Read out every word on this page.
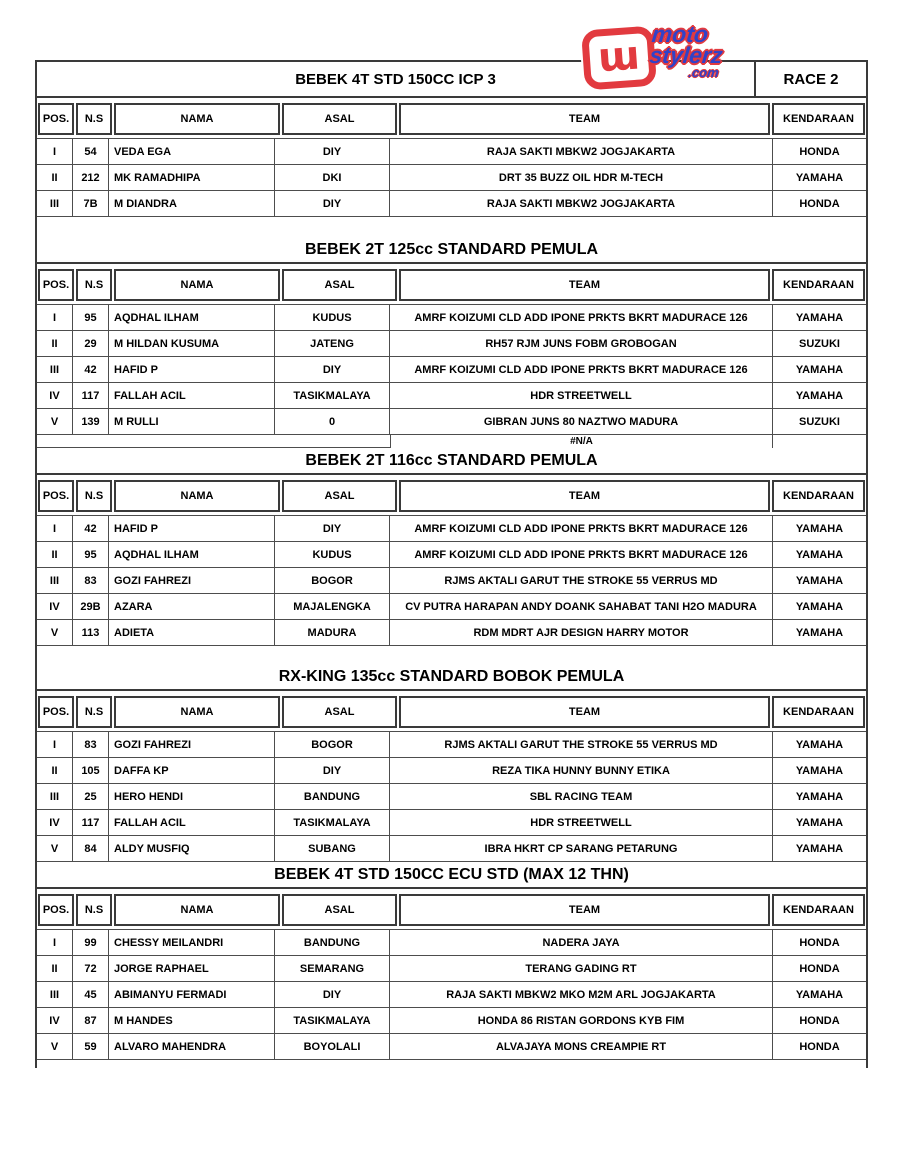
m
moto
stylerz
.com
BEBEK 4T STD 150CC ICP 3	RACE 2
POS.	N.S	NAMA	ASAL	TEAM	KENDARAAN
I	54	VEDA EGA	DIY	RAJA SAKTI MBKW2 JOGJAKARTA	HONDA
II	212	MK RAMADHIPA	DKI	DRT 35 BUZZ OIL HDR M-TECH	YAMAHA
III	7B	M DIANDRA	DIY	RAJA SAKTI MBKW2 JOGJAKARTA	HONDA
BEBEK 2T 125cc STANDARD PEMULA
POS.	N.S	NAMA	ASAL	TEAM	KENDARAAN
I	95	AQDHAL ILHAM	KUDUS	AMRF KOIZUMI CLD ADD IPONE PRKTS BKRT MADURACE 126	YAMAHA
II	29	M HILDAN KUSUMA	JATENG	RH57 RJM JUNS FOBM GROBOGAN	SUZUKI
III	42	HAFID P	DIY	AMRF KOIZUMI CLD ADD IPONE PRKTS BKRT MADURACE 126	YAMAHA
IV	117	FALLAH ACIL	TASIKMALAYA	HDR STREETWELL	YAMAHA
V	139	M RULLI	0	GIBRAN JUNS 80 NAZTWO MADURA	SUZUKI
#N/A
BEBEK 2T 116cc STANDARD PEMULA
POS.	N.S	NAMA	ASAL	TEAM	KENDARAAN
I	42	HAFID P	DIY	AMRF KOIZUMI CLD ADD IPONE PRKTS BKRT MADURACE 126	YAMAHA
II	95	AQDHAL ILHAM	KUDUS	AMRF KOIZUMI CLD ADD IPONE PRKTS BKRT MADURACE 126	YAMAHA
III	83	GOZI FAHREZI	BOGOR	RJMS AKTALI GARUT THE STROKE 55 VERRUS MD	YAMAHA
IV	29B	AZARA	MAJALENGKA	CV PUTRA HARAPAN ANDY DOANK SAHABAT TANI H2O MADURA	YAMAHA
V	113	ADIETA	MADURA	RDM MDRT AJR DESIGN HARRY MOTOR	YAMAHA
RX-KING 135cc STANDARD BOBOK PEMULA
POS.	N.S	NAMA	ASAL	TEAM	KENDARAAN
I	83	GOZI FAHREZI	BOGOR	RJMS AKTALI GARUT THE STROKE 55 VERRUS MD	YAMAHA
II	105	DAFFA KP	DIY	REZA TIKA HUNNY BUNNY ETIKA	YAMAHA
III	25	HERO HENDI	BANDUNG	SBL RACING TEAM	YAMAHA
IV	117	FALLAH ACIL	TASIKMALAYA	HDR STREETWELL	YAMAHA
V	84	ALDY MUSFIQ	SUBANG	IBRA HKRT CP SARANG PETARUNG	YAMAHA
BEBEK 4T STD 150CC ECU STD (MAX 12 THN)
POS.	N.S	NAMA	ASAL	TEAM	KENDARAAN
I	99	CHESSY MEILANDRI	BANDUNG	NADERA JAYA	HONDA
II	72	JORGE RAPHAEL	SEMARANG	TERANG GADING RT	HONDA
III	45	ABIMANYU FERMADI	DIY	RAJA SAKTI MBKW2 MKO M2M ARL JOGJAKARTA	YAMAHA
IV	87	M HANDES	TASIKMALAYA	HONDA 86 RISTAN GORDONS KYB FIM	HONDA
V	59	ALVARO MAHENDRA	BOYOLALI	ALVAJAYA MONS CREAMPIE RT	HONDA
